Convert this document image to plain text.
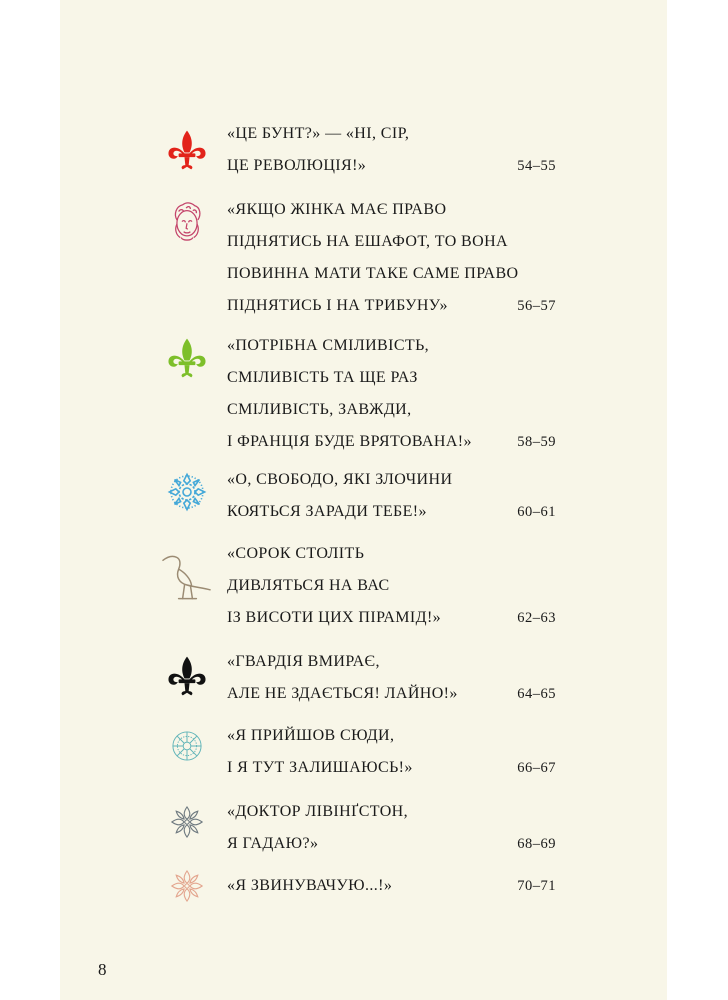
«ЦЕ БУНТ?» — «НІ, СІР,
ЦЕ РЕВОЛЮЦІЯ!»	54–55
«ЯКЩО ЖІНКА МАЄ ПРАВО
ПІДНЯТИСЬ НА ЕШАФОТ, ТО ВОНА
ПОВИННА МАТИ ТАКЕ САМЕ ПРАВО
ПІДНЯТИСЬ І НА ТРИБУНУ»	56–57
«ПОТРІБНА СМІЛИВІСТЬ,
СМІЛИВІСТЬ ТА ЩЕ РАЗ
СМІЛИВІСТЬ, ЗАВЖДИ,
І ФРАНЦІЯ БУДЕ ВРЯТОВАНА!»	58–59
«О, СВОБОДО, ЯКІ ЗЛОЧИНИ
КОЯТЬСЯ ЗАРАДИ ТЕБЕ!»	60–61
«СОРОК СТОЛІТЬ
ДИВЛЯТЬСЯ НА ВАС
ІЗ ВИСОТИ ЦИХ ПІРАМІД!»	62–63
«ГВАРДІЯ ВМИРАЄ,
АЛЕ НЕ ЗДАЄТЬСЯ! ЛАЙНО!»	64–65
«Я ПРИЙШОВ СЮДИ,
І Я ТУТ ЗАЛИШАЮСЬ!»	66–67
«ДОКТОР ЛІВІНҐСТОН,
Я ГАДАЮ?»	68–69
«Я ЗВИНУВАЧУЮ...!»	70–71
8
